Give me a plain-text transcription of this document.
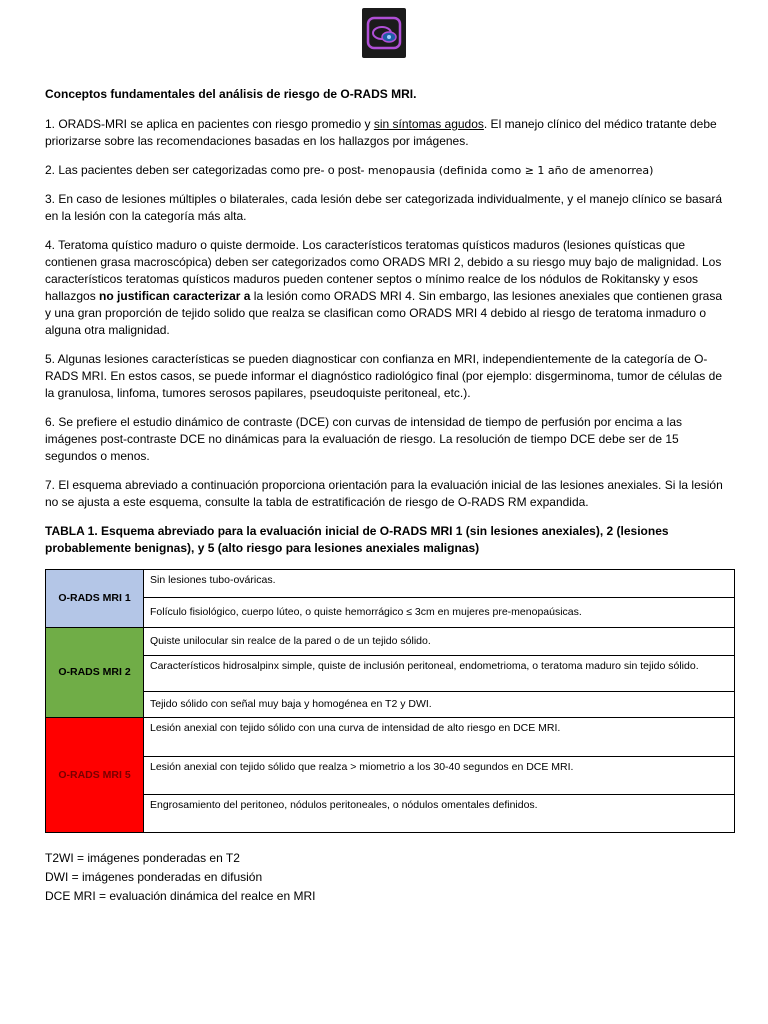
Conceptos fundamentales del análisis de riesgo de O-RADS MRI.

1. ORADS-MRI se aplica en pacientes con riesgo promedio y sin síntomas agudos. El manejo clínico del médico tratante debe priorizarse sobre las recomendaciones basadas en los hallazgos por imágenes.

2. Las pacientes deben ser categorizadas como pre- o post- menopausia (definida como ≥ 1 año de amenorrea)

3. En caso de lesiones múltiples o bilaterales, cada lesión debe ser categorizada individualmente, y el manejo clínico se basará en la lesión con la categoría más alta.

4. Teratoma quístico maduro o quiste dermoide. Los característicos teratomas quísticos maduros (lesiones quísticas que contienen grasa macroscópica) deben ser categorizados como ORADS MRI 2, debido a su riesgo muy bajo de malignidad. Los característicos teratomas quísticos maduros pueden contener septos o mínimo realce de los nódulos de Rokitansky y esos hallazgos no justifican caracterizar a la lesión como ORADS MRI 4. Sin embargo, las lesiones anexiales que contienen grasa y una gran proporción de tejido solido que realza se clasifican como ORADS MRI 4 debido al riesgo de teratoma inmaduro o alguna otra malignidad.

5. Algunas lesiones características se pueden diagnosticar con confianza en MRI, independientemente de la categoría de O-RADS MRI. En estos casos, se puede informar el diagnóstico radiológico final (por ejemplo: disgerminoma, tumor de células de la granulosa, linfoma, tumores serosos papilares, pseudoquiste peritoneal, etc.).

6. Se prefiere el estudio dinámico de contraste (DCE) con curvas de intensidad de tiempo de perfusión por encima a las imágenes post-contraste DCE no dinámicas para la evaluación de riesgo. La resolución de tiempo DCE debe ser de 15 segundos o menos.

7. El esquema abreviado a continuación proporciona orientación para la evaluación inicial de las lesiones anexiales. Si la lesión no se ajusta a este esquema, consulte la tabla de estratificación de riesgo de O-RADS RM expandida.

TABLA 1. Esquema abreviado para la evaluación inicial de O-RADS MRI 1 (sin lesiones anexiales), 2 (lesiones probablemente benignas), y 5 (alto riesgo para lesiones anexiales malignas)

O-RADS MRI 1	Sin lesiones tubo-ováricas.
	Folículo fisiológico, cuerpo lúteo, o quiste hemorrágico ≤ 3cm en mujeres pre-menopaúsicas.
O-RADS MRI 2	Quiste unilocular sin realce de la pared o de un tejido sólido.
	Característicos hidrosalpinx simple, quiste de inclusión peritoneal, endometrioma, o teratoma maduro sin tejido sólido.
	Tejido sólido con señal muy baja y homogénea en T2 y DWI.
O-RADS MRI 5	Lesión anexial con tejido sólido con una curva de intensidad de alto riesgo en DCE MRI.
	Lesión anexial con tejido sólido que realza > miometrio a los 30-40 segundos en DCE MRI.
	Engrosamiento del peritoneo, nódulos peritoneales, o nódulos omentales definidos.
T2WI = imágenes ponderadas en T2
DWI = imágenes ponderadas en difusión
DCE MRI = evaluación dinámica del realce en MRI
